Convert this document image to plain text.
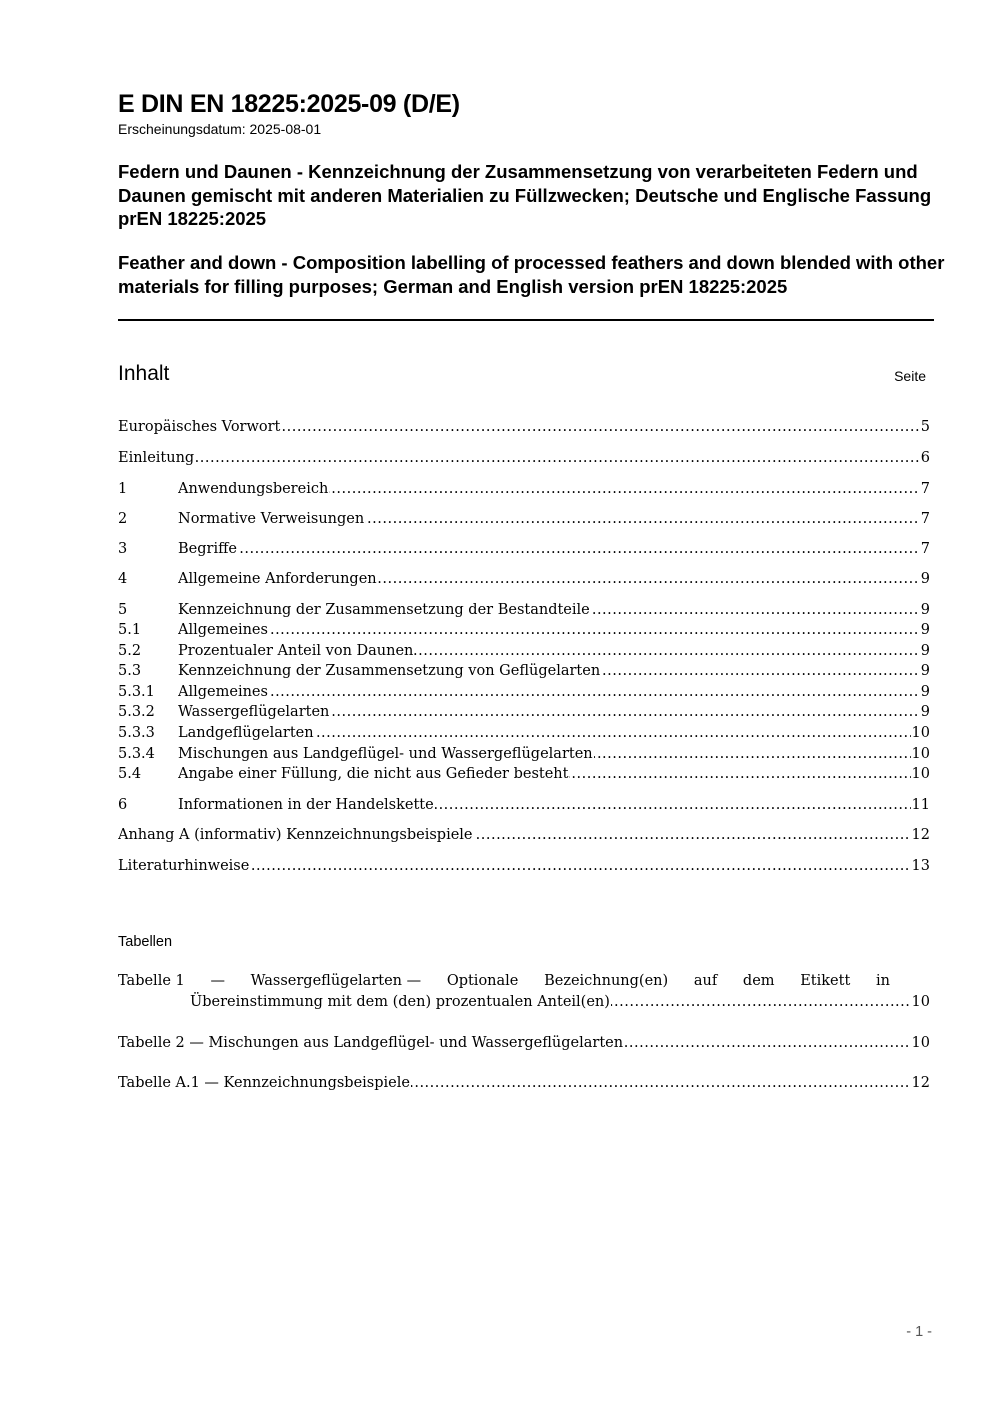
E DIN EN 18225:2025-09 (D/E)
Erscheinungsdatum: 2025-08-01
Federn und Daunen - Kennzeichnung der Zusammensetzung von verarbeiteten Federn und Daunen gemischt mit anderen Materialien zu Füllzwecken; Deutsche und Englische Fassung prEN 18225:2025
Feather and down - Composition labelling of processed feathers and down blended with other materials for filling purposes; German and English version prEN 18225:2025
Inhalt	Seite
Europäisches Vorwort	5
.....
Einleitung	6
.....
1	Anwendungsbereich	7
.....
2	Normative Verweisungen	7
.....
3	Begriffe	7
.....
4	Allgemeine Anforderungen	9
.....
5	Kennzeichnung der Zusammensetzung der Bestandteile	9
.....
5.1	Allgemeines	9
.....
5.2	Prozentualer Anteil von Daunen	9
.....
5.3	Kennzeichnung der Zusammensetzung von Geflügelarten	9
.....
5.3.1 Allgemeines	9
.....
5.3.2 Wassergeflügelarten	9
.....
5.3.3 Landgeflügelarten	10
.....
5.3.4 Mischungen aus Landgeflügel- und Wassergeflügelarten	10
.....
5.4	Angabe einer Füllung, die nicht aus Gefieder besteht	10
.....
6	Informationen in der Handelskette	11
.....
Anhang A (informativ) Kennzeichnungsbeispiele	12
.....
Literaturhinweise	13
.....
Tabellen
Tabelle 1 — Wassergeflügelarten — Optionale Bezeichnung(en) auf dem Etikett in
Übereinstimmung mit dem (den) prozentualen Anteil(en)	10
.....
Tabelle 2 — Mischungen aus Landgeflügel- und Wassergeflügelarten	10
.....
Tabelle A.1 — Kennzeichnungsbeispiele	12
.....
- 1 -
